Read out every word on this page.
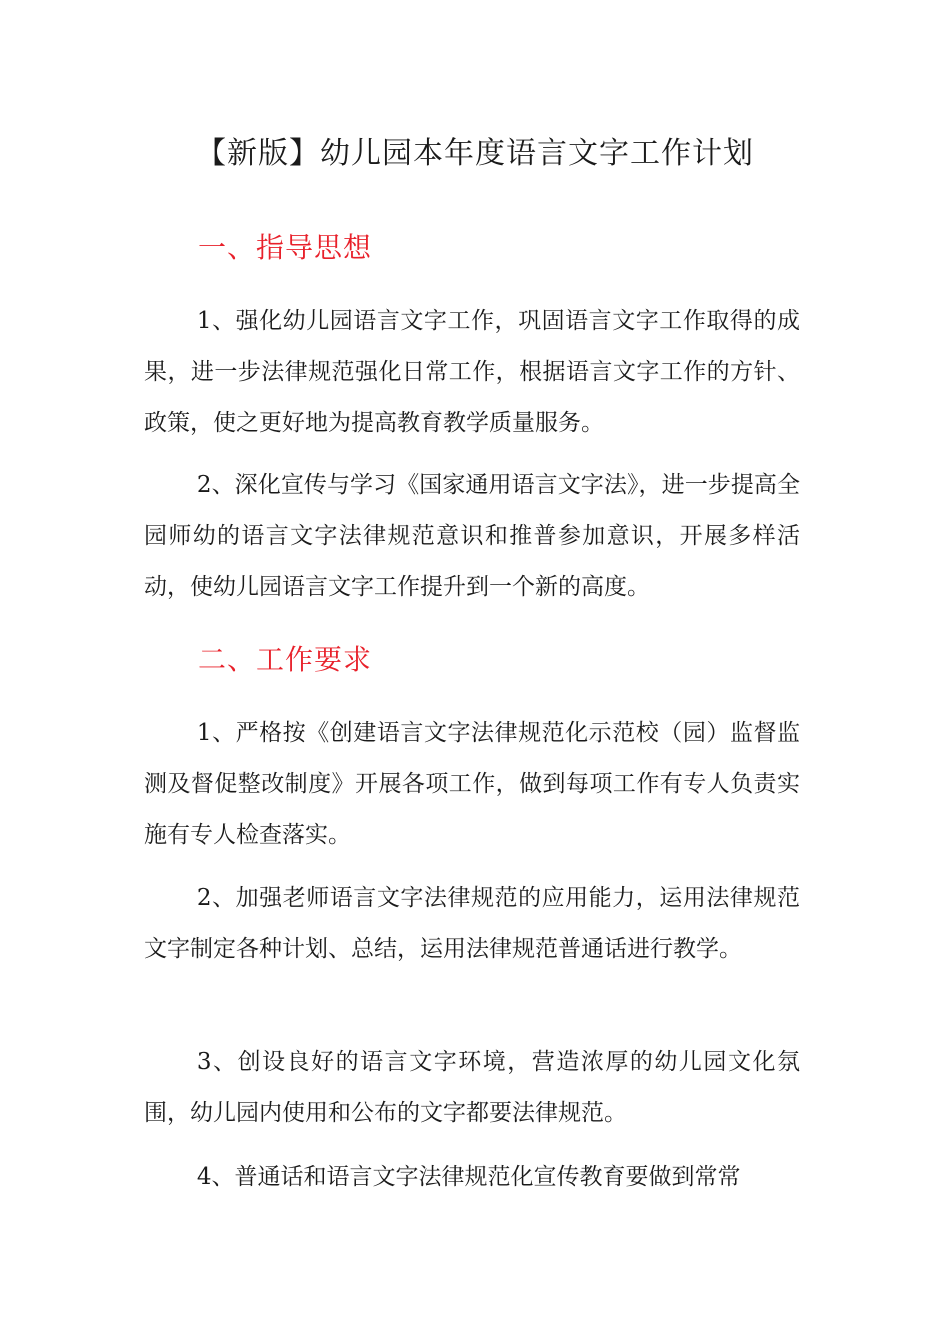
【新版】幼儿园本年度语言文字工作计划
一、指导思想
1、强化幼儿园语言文字工作，巩固语言文字工作取得的成果，进一步法律规范强化日常工作，根据语言文字工作的方针、政策，使之更好地为提高教育教学质量服务。
2、深化宣传与学习《国家通用语言文字法》，进一步提高全园师幼的语言文字法律规范意识和推普参加意识，开展多样活动，使幼儿园语言文字工作提升到一个新的高度。
二、工作要求
1、严格按《创建语言文字法律规范化示范校（园）监督监测及督促整改制度》开展各项工作，做到每项工作有专人负责实施有专人检查落实。
2、加强老师语言文字法律规范的应用能力，运用法律规范文字制定各种计划、总结，运用法律规范普通话进行教学。
3、创设良好的语言文字环境，营造浓厚的幼儿园文化氛围，幼儿园内使用和公布的文字都要法律规范。
4、普通话和语言文字法律规范化宣传教育要做到常常
